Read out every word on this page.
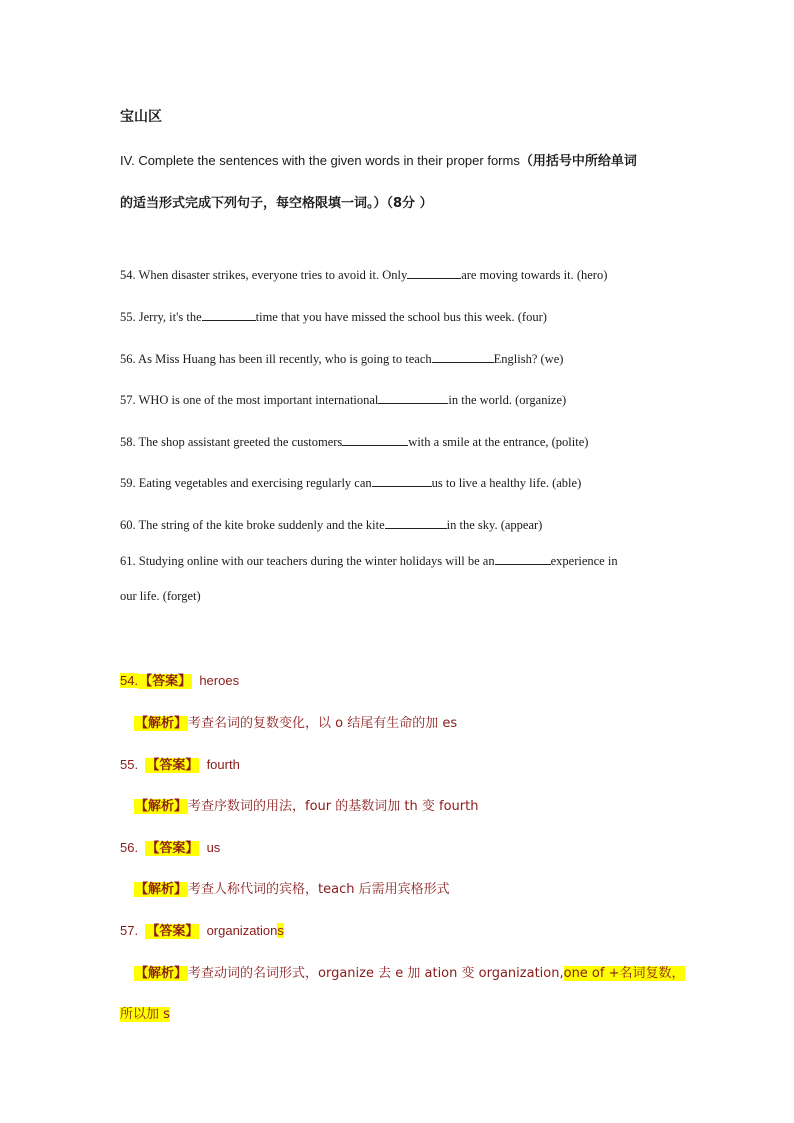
宝山区
IV. Complete the sentences with the given words in their proper forms（用括号中所给单词
的适当形式完成下列句子，每空格限填一词。）（8分 ）
54. When disaster strikes, everyone tries to avoid it. Only	are moving towards it. (hero)
55. Jerry, it's the	time that you have missed the school bus this week. (four)
56. As Miss Huang has been ill recently, who is going to teach	English? (we)
57. WHO is one of the most important international	in the world. (organize)
58. The shop assistant greeted the customers	with a smile at the entrance, (polite)
59. Eating vegetables and exercising regularly can	us to live a healthy life. (able)
60. The string of the kite broke suddenly and the kite	in the sky. (appear)
61. Studying online with our teachers during the winter holidays will be an	experience in
our life. (forget)
54.【答案】 heroes
【解析】考查名词的复数变化，以 o 结尾有生命的加 es
55. 【答案】 fourth
【解析】考查序数词的用法，four 的基数词加 th 变 fourth
56. 【答案】 us
【解析】考查人称代词的宾格，teach 后需用宾格形式
57. 【答案】 organizations
【解析】考查动词的名词形式，organize 去 e 加 ation 变 organization,one of +名词复数，
所以加 s
